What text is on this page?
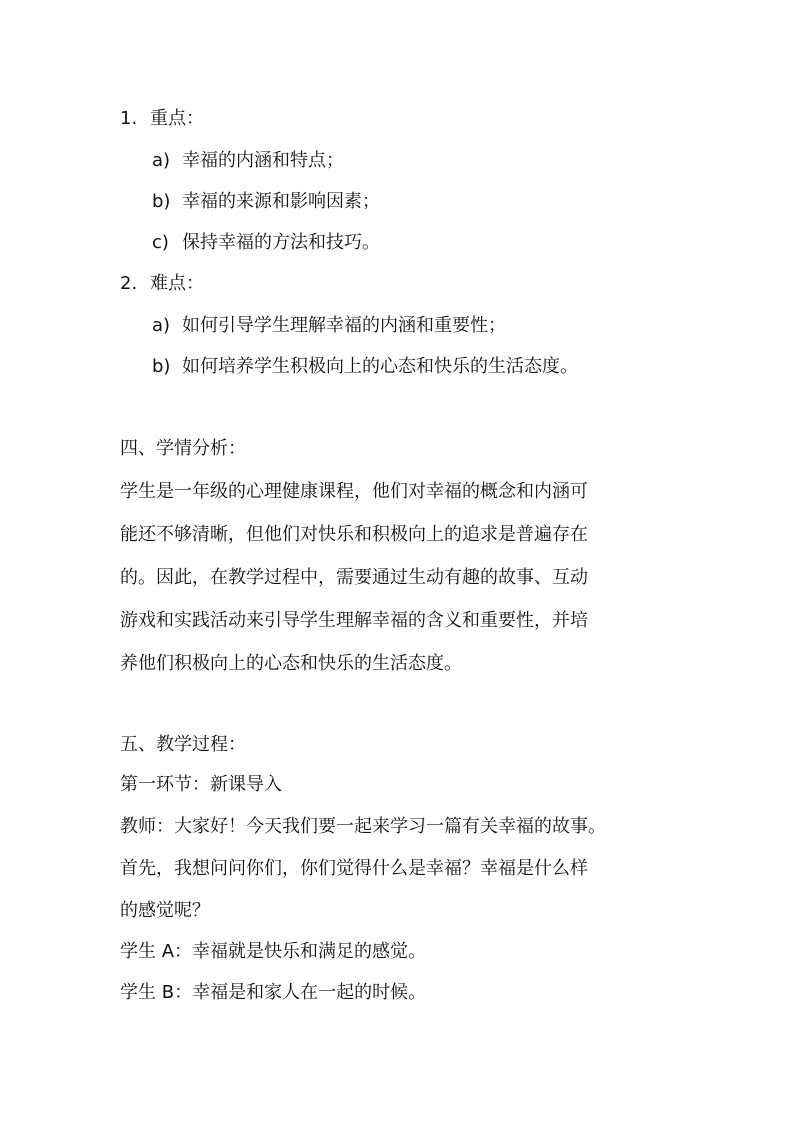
1. 重点：
a) 幸福的内涵和特点；
b) 幸福的来源和影响因素；
c) 保持幸福的方法和技巧。
2. 难点：
a) 如何引导学生理解幸福的内涵和重要性；
b) 如何培养学生积极向上的心态和快乐的生活态度。
四、学情分析：
学生是一年级的心理健康课程，他们对幸福的概念和内涵可
能还不够清晰，但他们对快乐和积极向上的追求是普遍存在
的。因此，在教学过程中，需要通过生动有趣的故事、互动
游戏和实践活动来引导学生理解幸福的含义和重要性，并培
养他们积极向上的心态和快乐的生活态度。
五、教学过程：
第一环节：新课导入
教师：大家好！今天我们要一起来学习一篇有关幸福的故事。
首先，我想问问你们，你们觉得什么是幸福？幸福是什么样
的感觉呢？
学生 A：幸福就是快乐和满足的感觉。
学生 B：幸福是和家人在一起的时候。
